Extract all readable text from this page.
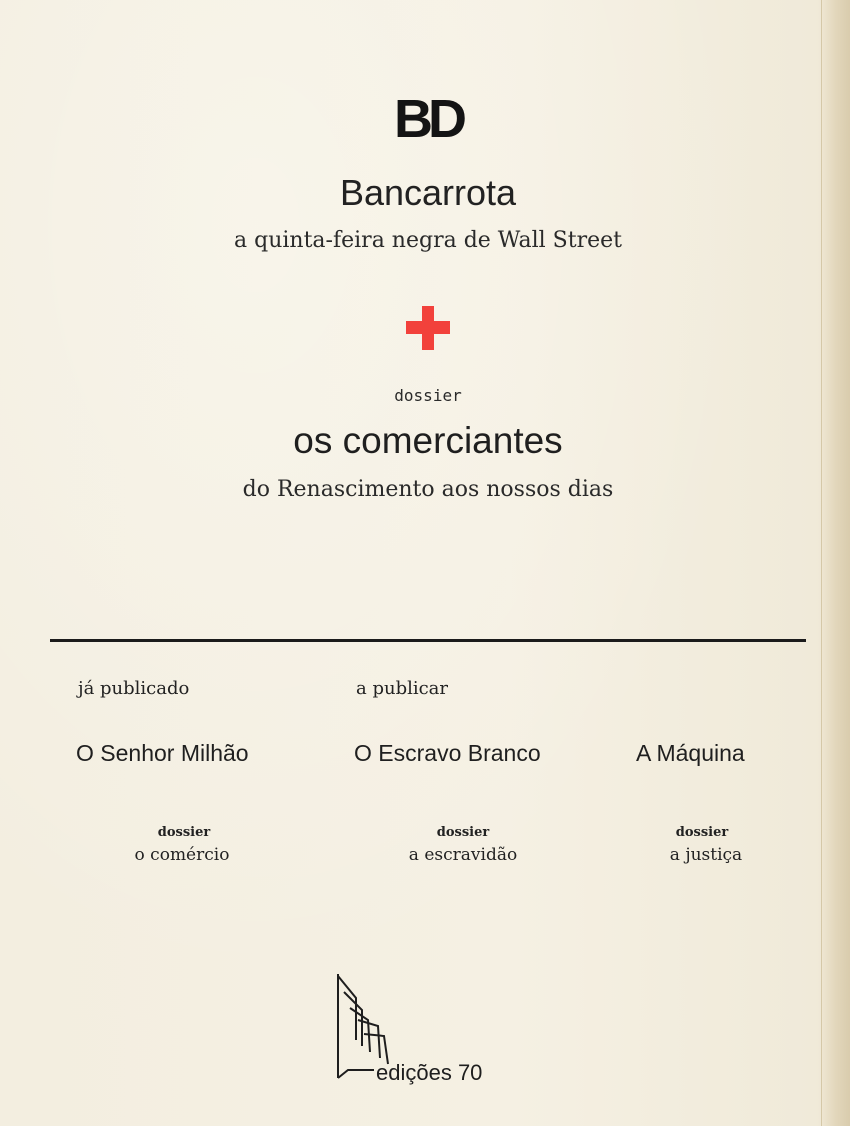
BD
Bancarrota
a quinta-feira negra de Wall Street
dossier
os comerciantes
do Renascimento aos nossos dias
já publicado	a publicar
O Senhor Milhão	O Escravo Branco	A Máquina
dossier	dossier	dossier
o comércio	a escravidão	a justiça
edições 70
